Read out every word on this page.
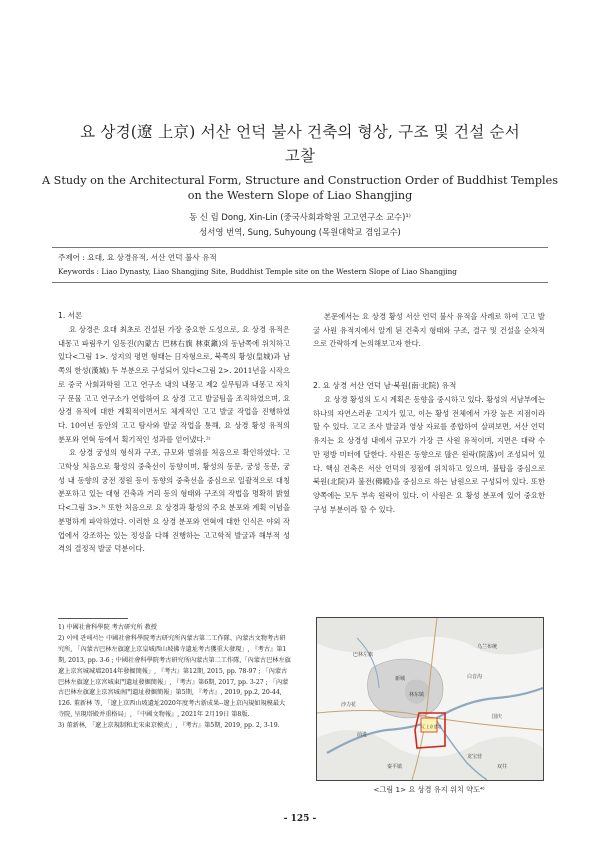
요 상경(遼 上京) 서산 언덕 불사 건축의 형상, 구조 및 건설 순서
고찰
A Study on the Architectural Form, Structure and Construction Order of Buddhist Temples
on the Western Slope of Liao Shangjing
동 신 림 Dong, Xin-Lin (중국사회과학원 고고연구소 교수)¹⁾
성서영 번역, Sung, Suhyoung (목원대학교 겸임교수)
주제어 : 요대, 요 상경유적, 서산 언덕 불사 유적
Keywords : Liao Dynasty, Liao Shangjing Site, Buddhist Temple site on the Western Slope of Liao Shangjing
1. 서론

요 상경은 요대 최초로 건설된 가장 중요한 도성으로, 요 상경 유적은 내몽고 파림우기 임동진(內蒙古 巴林右旗 林東鎭)의 동남쪽에 위치하고 있다<그림 1>. 성지의 평면 형태는 日자형으로, 북쪽의 황성(皇城)과 남쪽의 한성(漢城) 두 부분으로 구성되어 있다<그림 2>. 2011년을 시작으로 중국 사회과학원 고고 연구소 내의 내몽고 제2 실무팀과 내몽고 자치구 문물 고고 연구소가 연합하여 요 상경 고고 발굴팀을 조직하였으며, 요 상경 유적에 대한 계획적이면서도 체계적인 고고 발굴 작업을 진행하였다. 10여년 동안의 고고 탐사와 발굴 작업을 통해, 요 상경 황성 유적의 분포와 연혁 등에서 획기적인 성과를 얻어냈다.²⁾

요 상경 궁성의 형식과 구조, 규모와 범위를 처음으로 확인하였다. 고고학상 처음으로 황성의 중축선이 동향이며, 황성의 동문, 궁성 동문, 궁성 내 동향의 궁전 정원 등이 동향의 중축선을 중심으로 일괄적으로 대칭 분포하고 있는 대형 건축과 거리 등의 형태와 구조의 작법을 명확히 밝혔다<그림 3>.³⁾ 또한 처음으로 요 상경과 황성의 주요 분포와 계획 이념을 분명하게 파악하였다. 이러한 요 상경 분포와 연혁에 대한 인식은 야외 작업에서 강조하는 있는 정성을 다해 진행하는 고고학적 발굴과 해부적 성격의 결정적 발굴 덕분이다.

1) 中國社會科學院 考古研究所 教授

2) 이에 관해서는 中國社會科學院考古研究所內蒙古第二工作隊、內蒙古文物考古研究所, 「內蒙古巴林左旗遼上京皇城西山坡佛寺遺址考古獲重大發現」, 『考古』第1期, 2013, pp. 3-6 ; 中國社會科學院考古研究所內蒙古第二工作隊,「內蒙古巴林左旗遼上京宮城城墻2014年發掘簡報」, 『考古』第12期, 2015, pp. 78-97 ; 「內蒙古巴林左旗遼上京宮城東門遺址發掘簡報」, 『考古』第6期, 2017, pp. 3-27 ; 「內蒙古巴林左旗遼上京宮城南門遺址發掘簡報」第5期, 『考古』, 2019, pp.2, 20-44, 126. 董新林 等, 「遼上京西山坡遺址2020年度考古新成果--遼上京內規如規模最大寺院, 呈現塔殿并重格局」, 『中國文物報』, 2021年 2月19日 第8版.

3) 董新林, 「遼上京規制和北宋東京模式」, 『考古』第5期, 2019, pp. 2, 3-19.

본문에서는 요 상경 황성 서산 언덕 불사 유적을 사례로 하여 고고 발굴 사원 유적지에서 알게 된 건축지 형태와 구조, 결구 및 건설을 순차적으로 간략하게 논의해보고자 한다.

2. 요 상경 서산 언덕 남·북원(南·北院) 유적

요 상경 황성의 도시 계획은 동향을 중시하고 있다. 황성의 서남부에는 하나의 자연스러운 고지가 있고, 이는 황성 전체에서 가장 높은 지점이라 할 수 있다. 고고 조사 발굴과 영상 자료를 종합하여 살펴보면, 서산 언덕 유지는 요 상경성 내에서 규모가 가장 큰 사원 유적이며, 지면은 대략 수만 평방 미터에 달한다. 사원은 동향으로 많은 원락(院落)이 조성되어 있다. 핵심 건축은 서산 언덕의 정점에 위치하고 있으며, 불탑을 중심으로 북원(北院)과 불전(佛殿)을 중심으로 하는 남원으로 구성되어 있다. 또한 양쪽에는 모두 부속 원락이 있다. 이 사원은 요 황성 분포에 있어 중요한 구성 부분이라 할 수 있다.

巴林左旗
乌兰布统
新城
林东镇
辽上京遗址
沙力花
国庆
白音沟
前进
龙宝营
秦平镇	双井
<그림 1> 요 상경 유지 위치 약도⁴⁾
- 125 -
